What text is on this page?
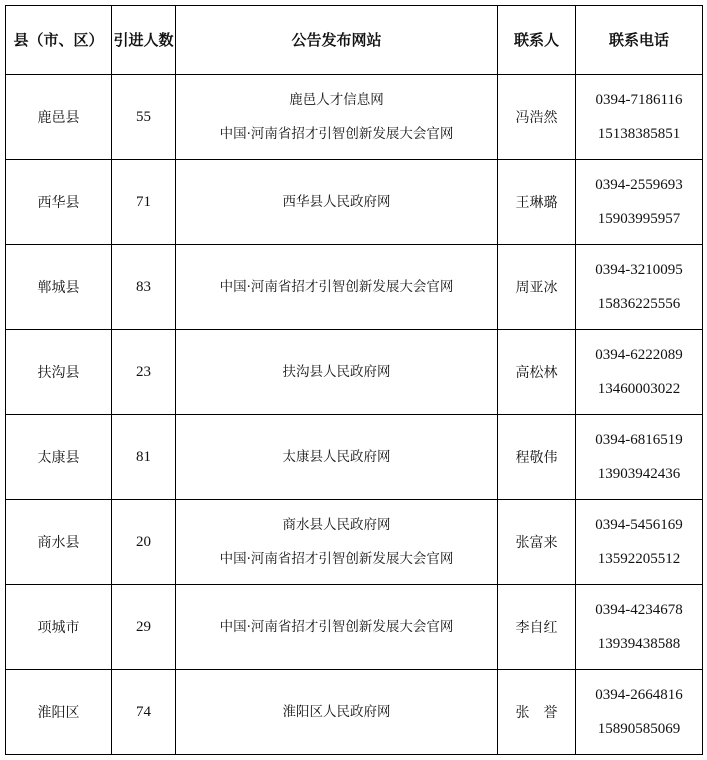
县（市、区）	引进人数	公告发布网站	联系人	联系电话
鹿邑县	55	鹿邑人才信息网
中国·河南省招才引智创新发展大会官网	冯浩然	0394-7186116
15138385851

西华县	71	西华县人民政府网	王琳璐	0394-2559693
15903995957

郸城县	83	中国·河南省招才引智创新发展大会官网	周亚冰	0394-3210095
15836225556

扶沟县	23	扶沟县人民政府网	高松林	0394-6222089
13460003022

太康县	81	太康县人民政府网	程敬伟	0394-6816519
13903942436

商水县	20	商水县人民政府网
中国·河南省招才引智创新发展大会官网	张富来	0394-5456169
13592205512

项城市	29	中国·河南省招才引智创新发展大会官网	李自红	0394-4234678
13939438588

淮阳区	74	淮阳区人民政府网	张　誉	0394-2664816
15890585069
